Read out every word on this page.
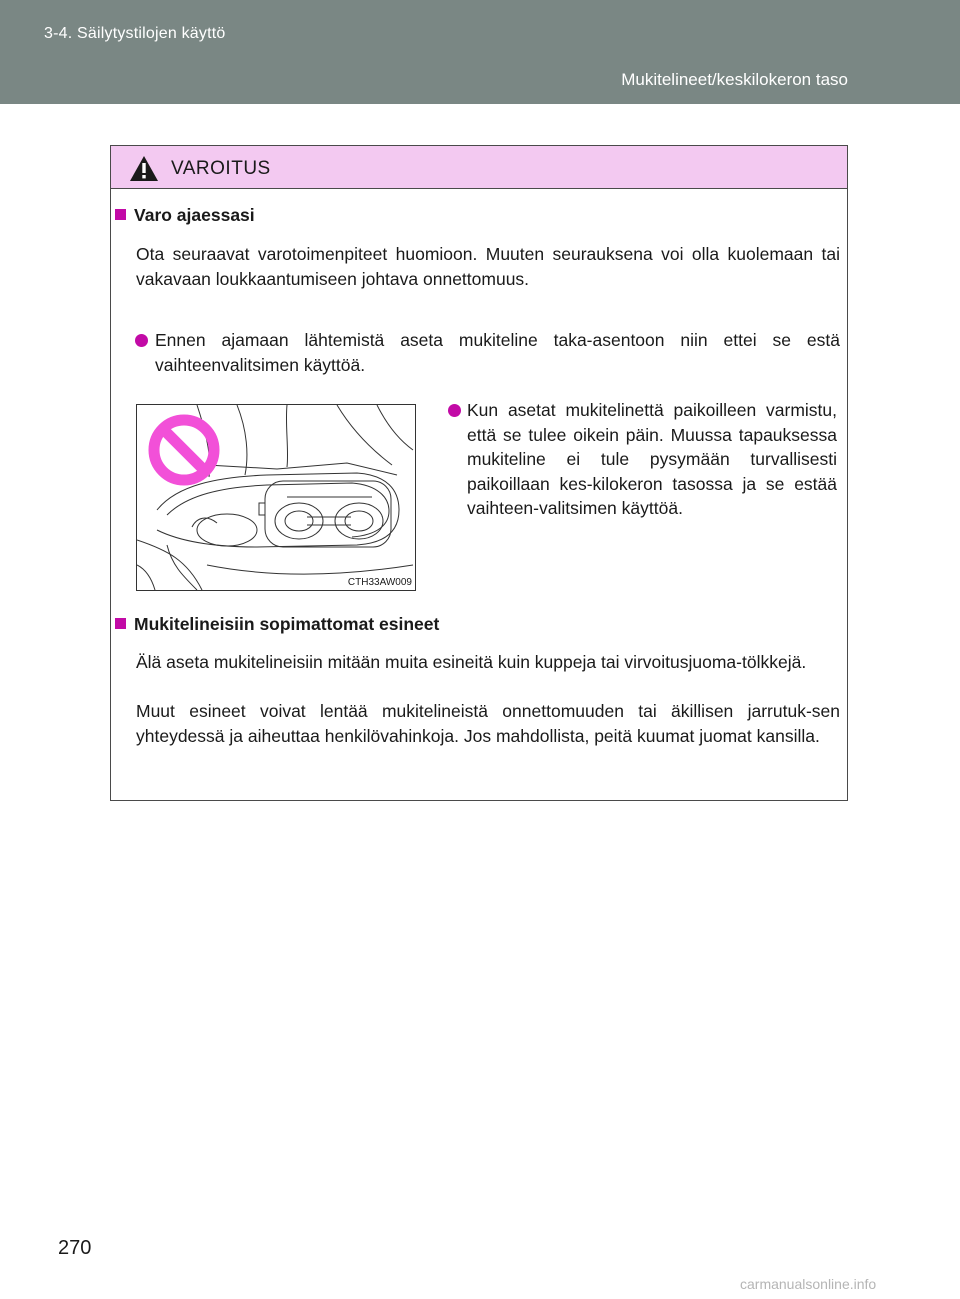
3-4. Säilytystilojen käyttö
Mukitelineet/keskilokeron taso
VAROITUS
Varo ajaessasi
Ota seuraavat varotoimenpiteet huomioon. Muuten seurauksena voi olla kuolemaan tai vakavaan loukkaantumiseen johtava onnettomuus.
Ennen ajamaan lähtemistä aseta mukiteline taka-asentoon niin ettei se estä vaihteenvalitsimen käyttöä.
Kun asetat mukitelinettä paikoilleen varmistu, että se tulee oikein päin. Muussa tapauksessa mukiteline ei tule pysymään turvallisesti paikoillaan kes-kilokeron tasossa ja se estää vaihteen-valitsimen käyttöä.
CTH33AW009
Mukitelineisiin sopimattomat esineet
Älä aseta mukitelineisiin mitään muita esineitä kuin kuppeja tai virvoitusjuoma-tölkkejä.
Muut esineet voivat lentää mukitelineistä onnettomuuden tai äkillisen jarrutuk-sen yhteydessä ja aiheuttaa henkilövahinkoja. Jos mahdollista, peitä kuumat juomat kansilla.
270
carmanualsonline.info
